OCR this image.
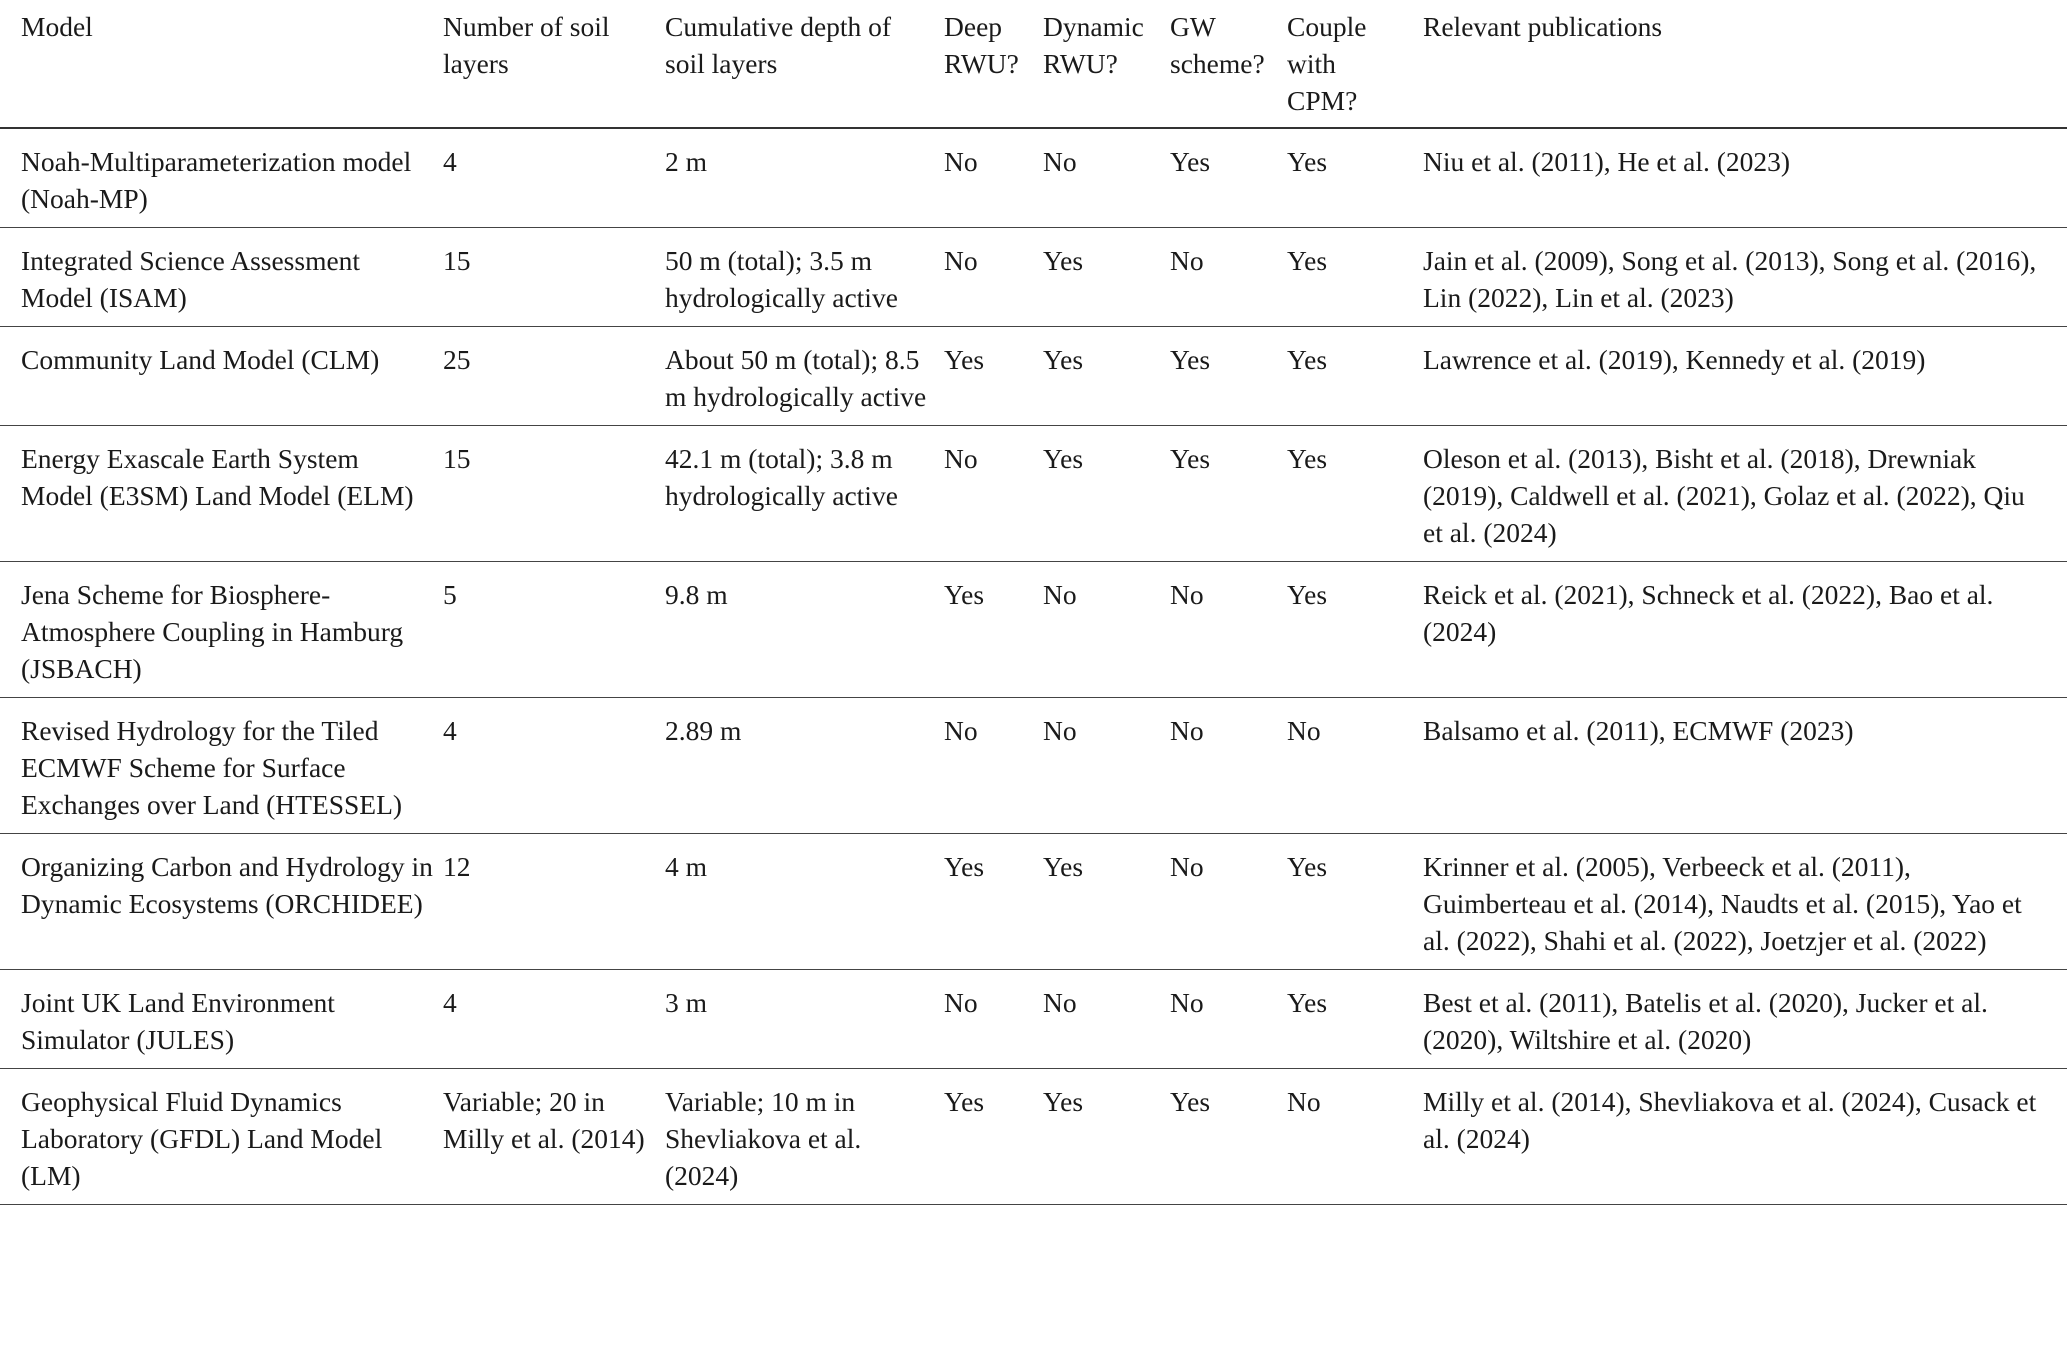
Model	Number of soil layers	Cumulative depth of soil layers	Deep RWU?	Dynamic RWU?	GW scheme?	Couple with CPM?	Relevant publications
Noah-Multiparameterization model (Noah-MP)	4	2 m	No	No	Yes	Yes	Niu et al. (2011), He et al. (2023)
Integrated Science Assessment Model (ISAM)	15	50 m (total); 3.5 m hydrologically active	No	Yes	No	Yes	Jain et al. (2009), Song et al. (2013), Song et al. (2016), Lin (2022), Lin et al. (2023)
Community Land Model (CLM)	25	About 50 m (total); 8.5 m hydrologically active	Yes	Yes	Yes	Yes	Lawrence et al. (2019), Kennedy et al. (2019)
Energy Exascale Earth System Model (E3SM) Land Model (ELM)	15	42.1 m (total); 3.8 m hydrologically active	No	Yes	Yes	Yes	Oleson et al. (2013), Bisht et al. (2018), Drewniak (2019), Caldwell et al. (2021), Golaz et al. (2022), Qiu et al. (2024)
Jena Scheme for Biosphere-Atmosphere Coupling in Hamburg (JSBACH)	5	9.8 m	Yes	No	No	Yes	Reick et al. (2021), Schneck et al. (2022), Bao et al. (2024)
Revised Hydrology for the Tiled ECMWF Scheme for Surface Exchanges over Land (HTESSEL)	4	2.89 m	No	No	No	No	Balsamo et al. (2011), ECMWF (2023)
Organizing Carbon and Hydrology in Dynamic Ecosystems (ORCHIDEE)	12	4 m	Yes	Yes	No	Yes	Krinner et al. (2005), Verbeeck et al. (2011), Guimberteau et al. (2014), Naudts et al. (2015), Yao et al. (2022), Shahi et al. (2022), Joetzjer et al. (2022)
Joint UK Land Environment Simulator (JULES)	4	3 m	No	No	No	Yes	Best et al. (2011), Batelis et al. (2020), Jucker et al. (2020), Wiltshire et al. (2020)
Geophysical Fluid Dynamics Laboratory (GFDL) Land Model (LM)	Variable; 20 in Milly et al. (2014)	Variable; 10 m in Shevliakova et al. (2024)	Yes	Yes	Yes	No	Milly et al. (2014), Shevliakova et al. (2024), Cusack et al. (2024)
